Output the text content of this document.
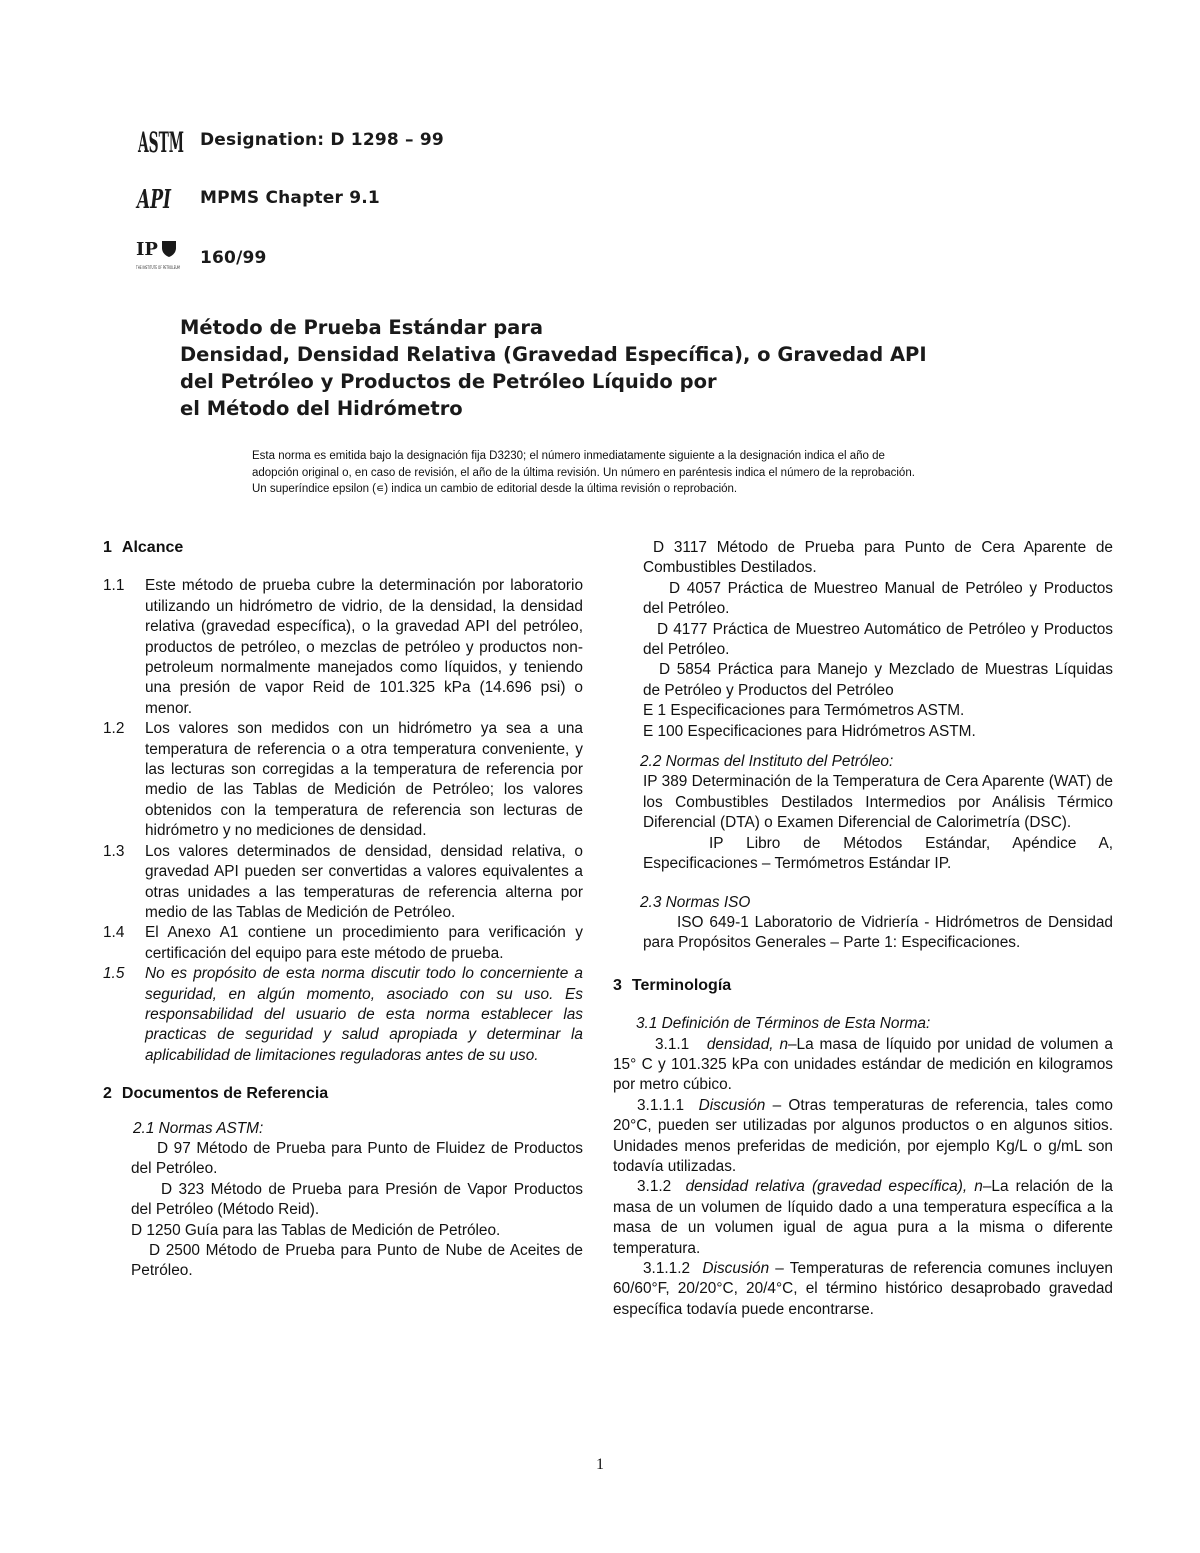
ASTM Designation: D 1298 – 99
API MPMS Chapter 9.1
IP
THE INSTITUTE OF PETROLEUM 160/99
Método de Prueba Estándar para
Densidad, Densidad Relativa (Gravedad Específica), o Gravedad API
del Petróleo y Productos de Petróleo Líquido por
el Método del Hidrómetro
Esta norma es emitida bajo la designación fija D3230; el número inmediatamente siguiente a la designación indica el año de
adopción original o, en caso de revisión, el año de la última revisión. Un número en paréntesis indica el número de la reprobación.
Un superíndice epsilon (∊) indica un cambio de editorial desde la última revisión o reprobación.

1 Alcance

1.1	Este método de prueba cubre la determinación por laboratorio utilizando un hidrómetro de vidrio, de la densidad, la densidad relativa (gravedad específica), o la gravedad API del petróleo, productos de petróleo, o mezclas de petróleo y productos non-petroleum normalmente manejados como líquidos, y teniendo una presión de vapor Reid de 101.325 kPa (14.696 psi) o menor.
1.2	Los valores son medidos con un hidrómetro ya sea a una temperatura de referencia o a otra temperatura conveniente, y las lecturas son corregidas a la temperatura de referencia por medio de las Tablas de Medición de Petróleo; los valores obtenidos con la temperatura de referencia son lecturas de hidrómetro y no mediciones de densidad.
1.3	Los valores determinados de densidad, densidad relativa, o gravedad API pueden ser convertidas a valores equivalentes a otras unidades a las temperaturas de referencia alterna por medio de las Tablas de Medición de Petróleo.
1.4	El Anexo A1 contiene un procedimiento para verificación y certificación del equipo para este método de prueba.
1.5	No es propósito de esta norma discutir todo lo concerniente a seguridad, en algún momento, asociado con su uso. Es responsabilidad del usuario de esta norma establecer las practicas de seguridad y salud apropiada y determinar la aplicabilidad de limitaciones reguladoras antes de su uso.

2 Documentos de Referencia

2.1 Normas ASTM:

D 97 Método de Prueba para Punto de Fluidez de Productos del Petróleo.

D 323 Método de Prueba para Presión de Vapor Productos del Petróleo (Método Reid).

D 1250 Guía para las Tablas de Medición de Petróleo.

D 2500 Método de Prueba para Punto de Nube de Aceites de Petróleo.

D 3117 Método de Prueba para Punto de Cera Aparente de Combustibles Destilados.

D 4057 Práctica de Muestreo Manual de Petróleo y Productos del Petróleo.

D 4177 Práctica de Muestreo Automático de Petróleo y Productos del Petróleo.

D 5854 Práctica para Manejo y Mezclado de Muestras Líquidas de Petróleo y Productos del Petróleo

E 1 Especificaciones para Termómetros ASTM.

E 100 Especificaciones para Hidrómetros ASTM.

2.2 Normas del Instituto del Petróleo:

IP 389 Determinación de la Temperatura de Cera Aparente (WAT) de los Combustibles Destilados Intermedios por Análisis Térmico Diferencial (DTA) o Examen Diferencial de Calorimetría (DSC).

IP Libro de Métodos Estándar, Apéndice A, Especificaciones – Termómetros Estándar IP.

2.3 Normas ISO

ISO 649-1 Laboratorio de Vidriería - Hidrómetros de Densidad para Propósitos Generales – Parte 1: Especificaciones.

3 Terminología

3.1 Definición de Términos de Esta Norma:

3.1.1 densidad, n–La masa de líquido por unidad de volumen a 15° C y 101.325 kPa con unidades estándar de medición en kilogramos por metro cúbico.

3.1.1.1 Discusión – Otras temperaturas de referencia, tales como 20°C, pueden ser utilizadas por algunos productos o en algunos sitios. Unidades menos preferidas de medición, por ejemplo Kg/L o g/mL son todavía utilizadas.

3.1.2 densidad relativa (gravedad específica), n–La relación de la masa de un volumen de líquido dado a una temperatura específica a la masa de un volumen igual de agua pura a la misma o diferente temperatura.

3.1.1.2 Discusión – Temperaturas de referencia comunes incluyen 60/60°F, 20/20°C, 20/4°C, el término histórico desaprobado gravedad específica todavía puede encontrarse.

1
